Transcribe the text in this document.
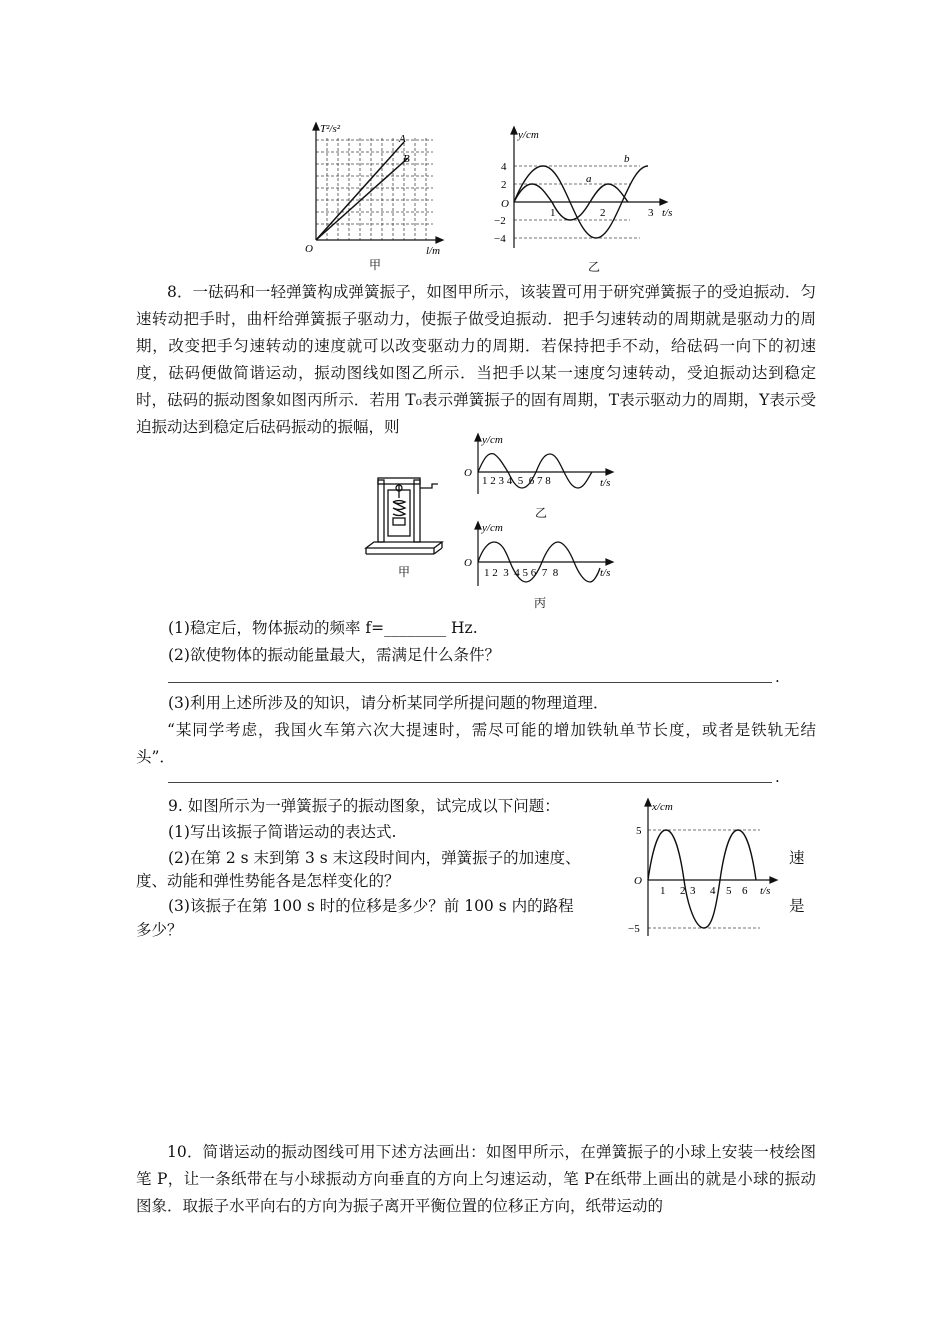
T²/s²
A
B
O	l/m
甲
y/cm
4
2
O
−2
−4
1	2	3 t/s
a
b
乙
8．一砝码和一轻弹簧构成弹簧振子，如图甲所示，该装置可用于研究弹簧振子的受迫振动．匀速转动把手时，曲杆给弹簧振子驱动力，使振子做受迫振动．把手匀速转动的周期就是驱动力的周期，改变把手匀速转动的速度就可以改变驱动力的周期．若保持把手不动，给砝码一向下的初速度，砝码便做简谐运动，振动图线如图乙所示．当把手以某一速度匀速转动，受迫振动达到稳定时，砝码的振动图象如图丙所示．若用 T₀表示弹簧振子的固有周期，T表示驱动力的周期，Y表示受迫振动达到稳定后砝码振动的振幅，则
甲
y/cm
O
1 2 3 4  5  6 7 8	t/s
乙
y/cm
O
1 2  3  4 5 6  7  8	t/s
丙
(1)稳定后，物体振动的频率 f=________ Hz.
(2)欲使物体的振动能量最大，需满足什么条件？
.
(3)利用上述所涉及的知识，请分析某同学所提问题的物理道理．
“某同学考虑，我国火车第六次大提速时，需尽可能的增加铁轨单节长度，或者是铁轨无结头”．
.
9. 如图所示为一弹簧振子的振动图象，试完成以下问题：
(1)写出该振子简谐运动的表达式.
(2)在第 2 s 末到第 3 s 末这段时间内，弹簧振子的加速度、	速
度、动能和弹性势能各是怎样变化的？
(3)该振子在第 100 s 时的位移是多少？前 100 s 内的路程	是
多少？
x/cm
5
O
−5
1 2 3 4 5 6 t/s
10．简谐运动的振动图线可用下述方法画出：如图甲所示，在弹簧振子的小球上安装一枝绘图笔 P，让一条纸带在与小球振动方向垂直的方向上匀速运动，笔 P在纸带上画出的就是小球的振动图象．取振子水平向右的方向为振子离开平衡位置的位移正方向，纸带运动的
